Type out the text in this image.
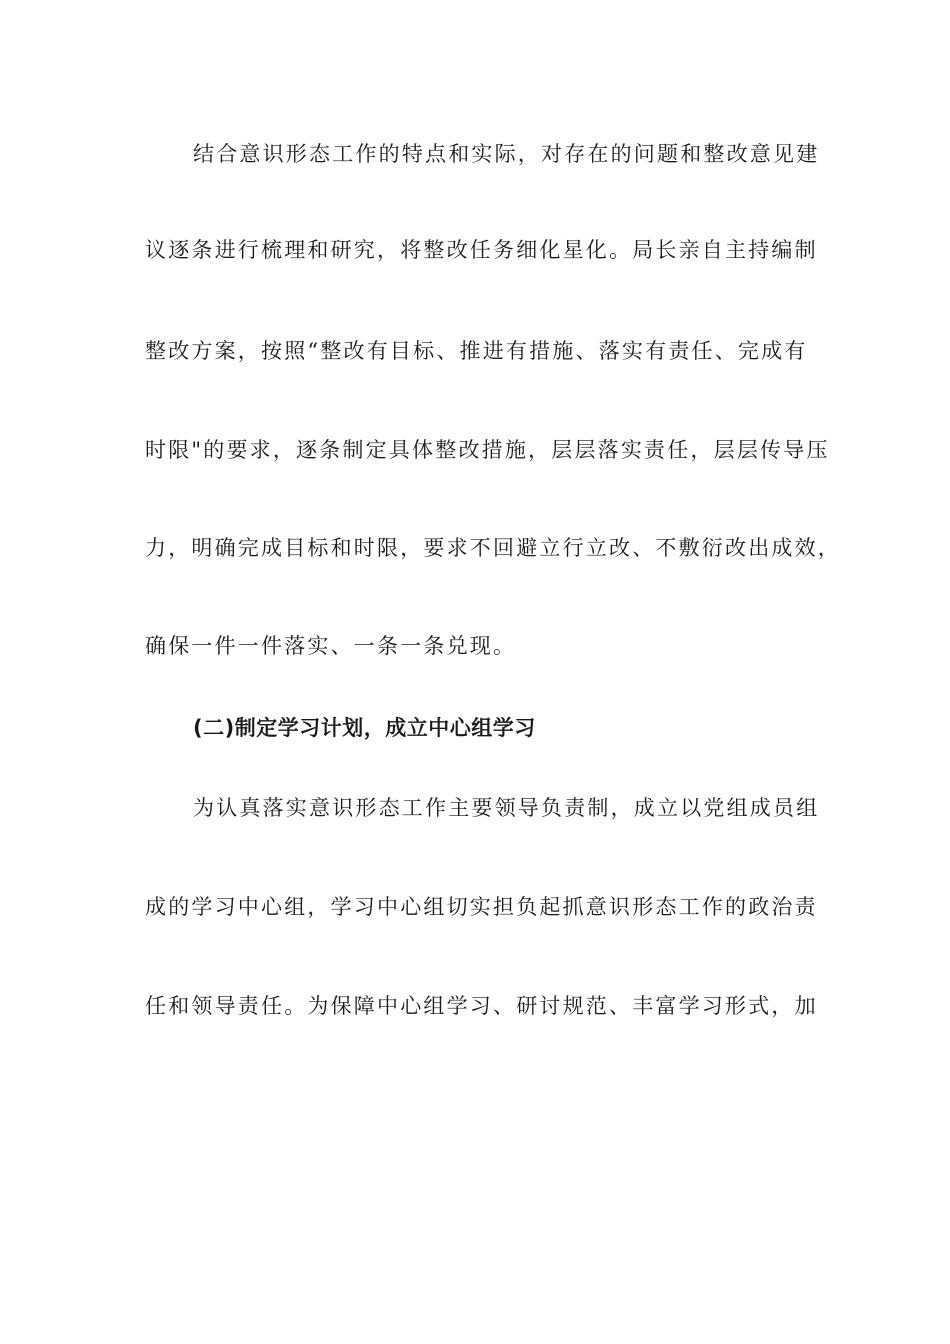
结合意识形态工作的特点和实际，对存在的问题和整改意见建
议逐条进行梳理和研究，将整改任务细化星化。局长亲自主持编制
整改方案，按照“整改有目标、推进有措施、落实有责任、完成有
时限"的要求，逐条制定具体整改措施，层层落实责任，层层传导压
力，明确完成目标和时限，要求不回避立行立改、不敷衍改出成效，
确保一件一件落实、一条一条兑现。
(二)制定学习计划，成立中心组学习
为认真落实意识形态工作主要领导负责制，成立以党组成员组
成的学习中心组，学习中心组切实担负起抓意识形态工作的政治责
任和领导责任。为保障中心组学习、研讨规范、丰富学习形式，加
